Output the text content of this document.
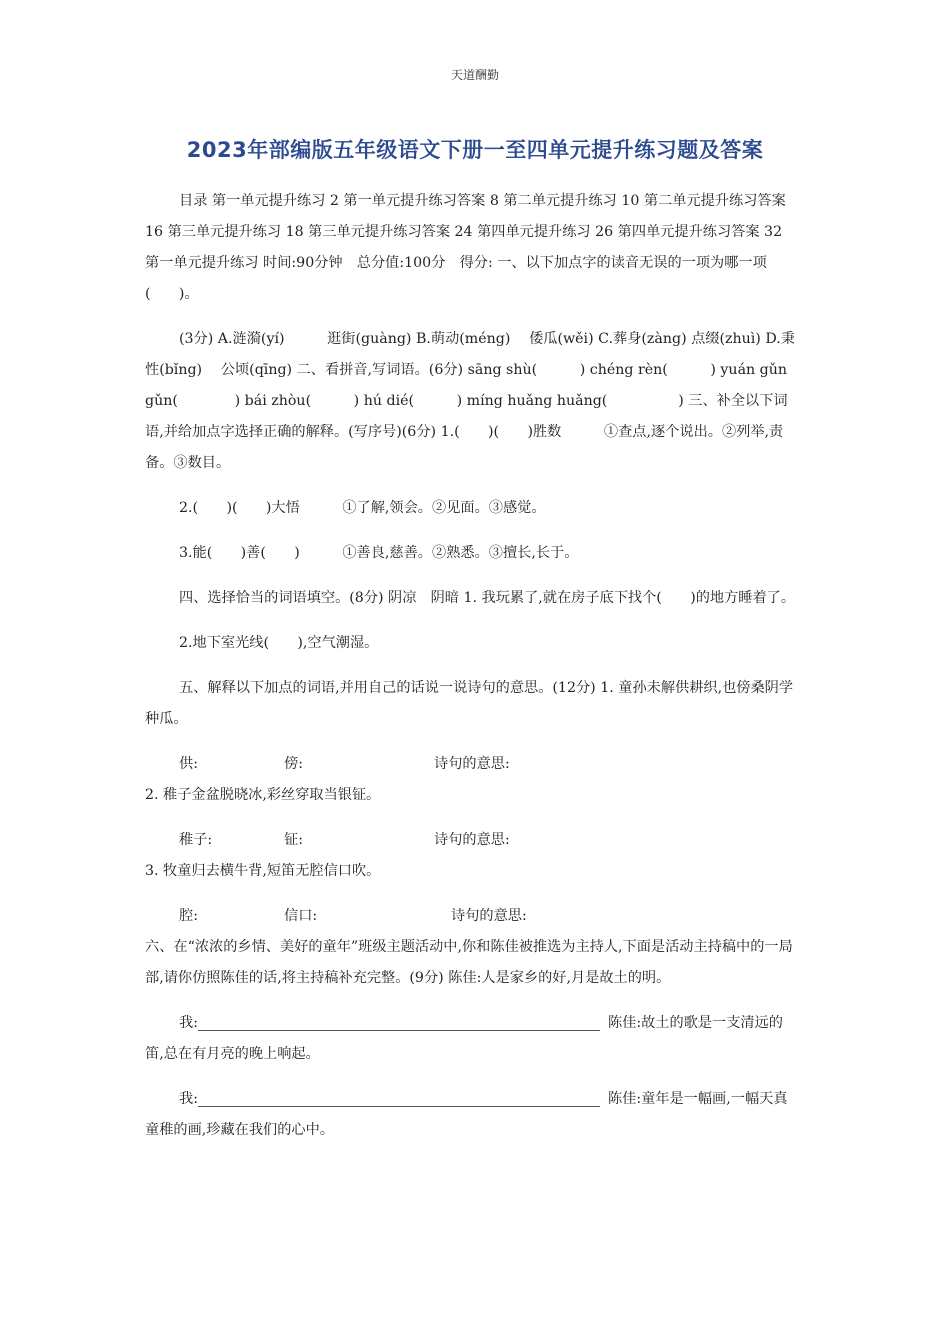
天道酬勤
2023年部编版五年级语文下册一至四单元提升练习题及答案

目录 第一单元提升练习 2 第一单元提升练习答案 8 第二单元提升练习 10 第二单元提升练习答案 16 第三单元提升练习 18 第三单元提升练习答案 24 第四单元提升练习 26 第四单元提升练习答案 32 第一单元提升练习 时间:90分钟　总分值:100分　得分: 一、以下加点字的读音无误的一项为哪一项(　　)。

(3分) A.涟漪(yí)　　　逛街(guàng) B.萌动(méng)　 倭瓜(wěi) C.葬身(zàng) 点缀(zhuì) D.秉性(bǐng)　 公顷(qīng) 二、看拼音,写词语。(6分) sāng shù(　　　) chéng rèn(　　　) yuán gǔn gǔn(　　　　) bái zhòu(　　　) hú dié(　　　) míng huǎng huǎng(　　　　　) 三、补全以下词语,并给加点字选择正确的解释。(写序号)(6分) 1.(　　)(　　)胜数　　　①查点,逐个说出。②列举,责备。③数目。

2.(　　)(　　)大悟　　　①了解,领会。②见面。③感觉。

3.能(　　)善(　　)　　　①善良,慈善。②熟悉。③擅长,长于。

四、选择恰当的词语填空。(8分) 阴凉　阴暗 1. 我玩累了,就在房子底下找个(　　)的地方睡着了。

2.地下室光线(　　),空气潮湿。

五、解释以下加点的词语,并用自己的话说一说诗句的意思。(12分) 1. 童孙未解供耕织,也傍桑阴学种瓜。

供:	傍:	诗句的意思:

2. 稚子金盆脱晓冰,彩丝穿取当银钲。

稚子:	钲:	诗句的意思:

3. 牧童归去横牛背,短笛无腔信口吹。

腔:	信口:	诗句的意思:

六、在“浓浓的乡情、美好的童年”班级主题活动中,你和陈佳被推选为主持人,下面是活动主持稿中的一局部,请你仿照陈佳的话,将主持稿补充完整。(9分) 陈佳:人是家乡的好,月是故土的明。

我:	陈佳:故土的歌是一支清远的笛,总在有月亮的晚上响起。

我:	陈佳:童年是一幅画,一幅天真童稚的画,珍藏在我们的心中。
